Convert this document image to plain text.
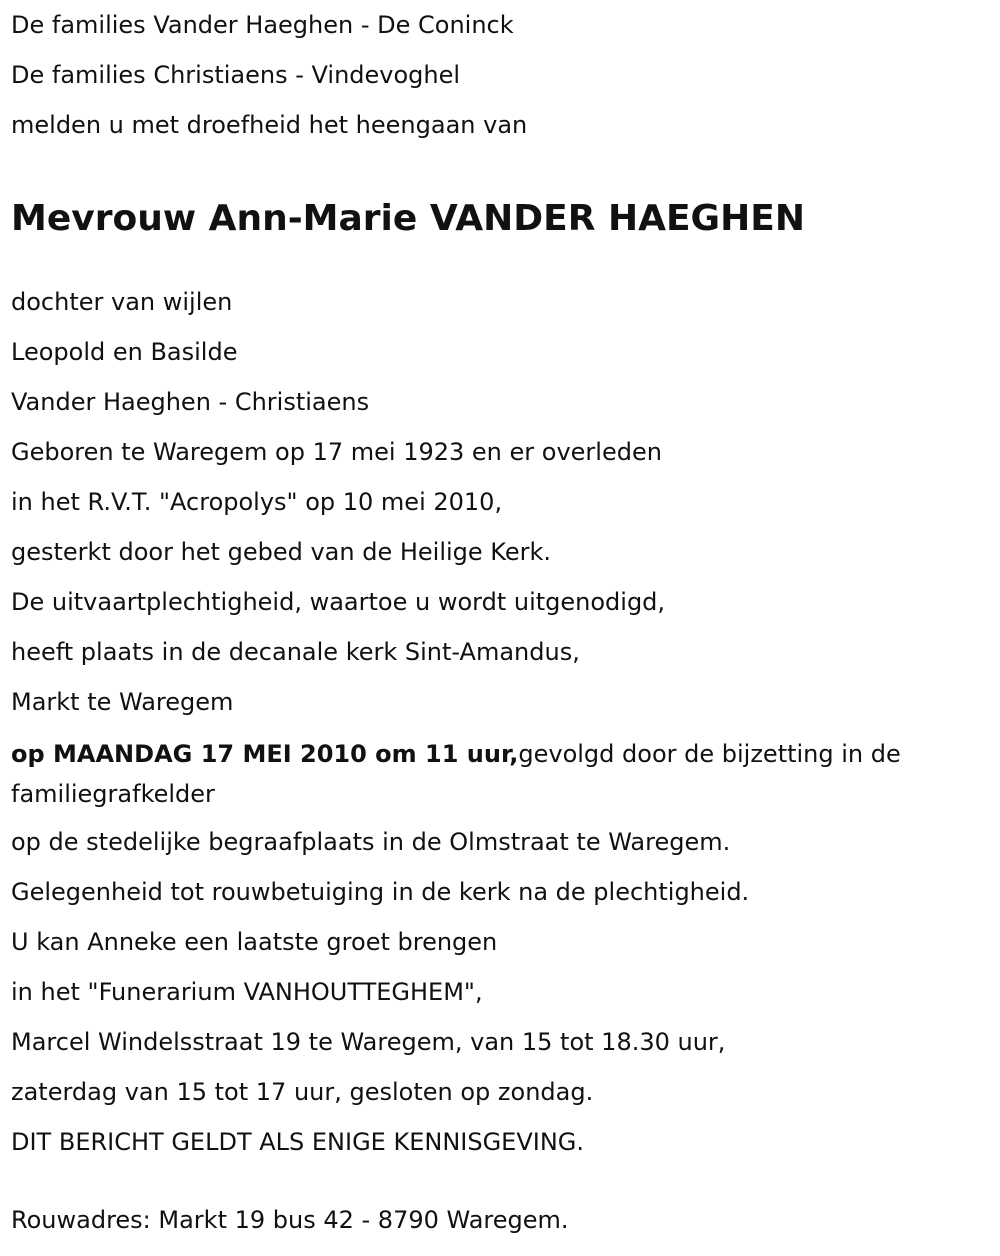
De families Vander Haeghen - De Coninck

De families Christiaens - Vindevoghel

melden u met droefheid het heengaan van

Mevrouw Ann-Marie VANDER HAEGHEN

dochter van wijlen

Leopold en Basilde

Vander Haeghen - Christiaens

Geboren te Waregem op 17 mei 1923 en er overleden

in het R.V.T. "Acropolys" op 10 mei 2010,

gesterkt door het gebed van de Heilige Kerk.

De uitvaartplechtigheid, waartoe u wordt uitgenodigd,

heeft plaats in de decanale kerk Sint-Amandus,

Markt te Waregem

op MAANDAG 17 MEI 2010 om 11 uur,gevolgd door de bijzetting in de familiegrafkelder

op de stedelijke begraafplaats in de Olmstraat te Waregem.

Gelegenheid tot rouwbetuiging in de kerk na de plechtigheid.

U kan Anneke een laatste groet brengen

in het "Funerarium VANHOUTTEGHEM",

Marcel Windelsstraat 19 te Waregem, van 15 tot 18.30 uur,

zaterdag van 15 tot 17 uur, gesloten op zondag.

DIT BERICHT GELDT ALS ENIGE KENNISGEVING.

Rouwadres: Markt 19 bus 42 - 8790 Waregem.
